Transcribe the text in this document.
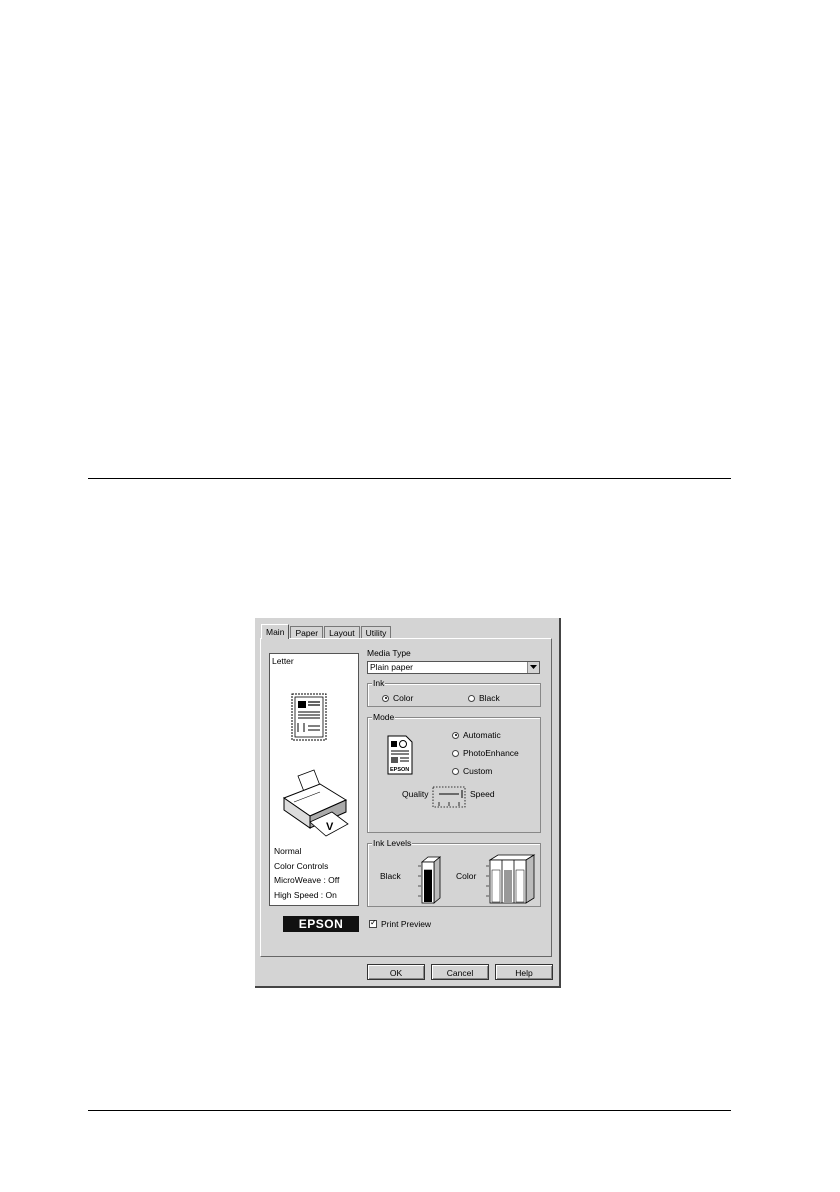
Main	Paper	Layout	Utility
Letter
V
Normal
Color Controls
MicroWeave : Off
High Speed : On
Media Type
Plain paper
Ink
Color	Black
Mode
EPSON
Automatic
PhotoEnhance
Custom
Quality	Speed
Ink Levels
Black	Color
EPSON
✓	Print Preview
OK	Cancel	Help
